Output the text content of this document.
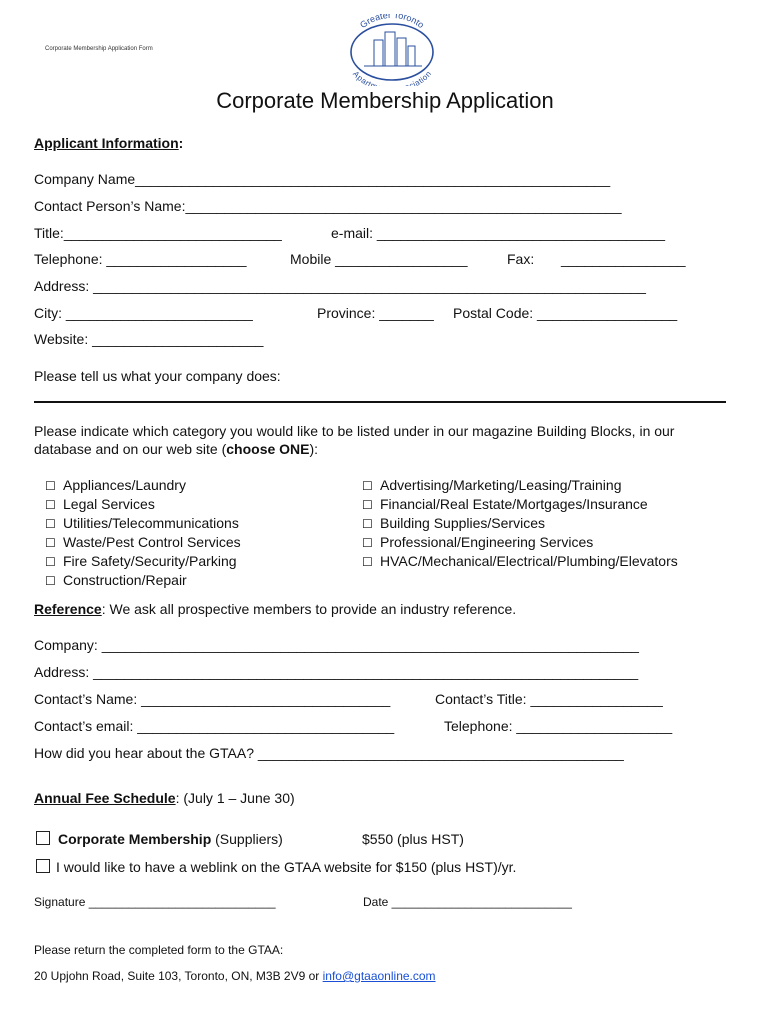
Corporate Membership Application Form
Greater Toronto
Apart ciation
Corporate Membership Application
Applicant Information:
Company Name_____________________________________________________________
Contact Person’s Name:________________________________________________________
Title:____________________________	e-mail: _____________________________________
Telephone: __________________	Mobile _________________	Fax: ________________
Address: _______________________________________________________________________
City: ________________________	Province: _______ Postal Code: __________________
Website: ______________________
Please tell us what your company does:
Please indicate which category you would like to be listed under in our magazine Building Blocks, in our database and on our web site (choose ONE):
☐ Appliances/Laundry
☐ Legal Services
☐ Utilities/Telecommunications
☐ Waste/Pest Control Services
☐ Fire Safety/Security/Parking
☐ Construction/Repair
☐ Advertising/Marketing/Leasing/Training
☐ Financial/Real Estate/Mortgages/Insurance
☐ Building Supplies/Services
☐ Professional/Engineering Services
☐ HVAC/Mechanical/Electrical/Plumbing/Elevators
Reference: We ask all prospective members to provide an industry reference.
Company: _____________________________________________________________________
Address: ______________________________________________________________________
Contact’s Name: ________________________________	Contact’s Title: _________________
Contact’s email: _________________________________	Telephone: ____________________
How did you hear about the GTAA? _______________________________________________
Annual Fee Schedule: (July 1 – June 30)
Corporate Membership (Suppliers)	$550 (plus HST)
I would like to have a weblink on the GTAA website for $150 (plus HST)/yr.
Signature ____________________________	Date ___________________________
Please return the completed form to the GTAA:
20 Upjohn Road, Suite 103, Toronto, ON, M3B 2V9 or info@gtaaonline.com
